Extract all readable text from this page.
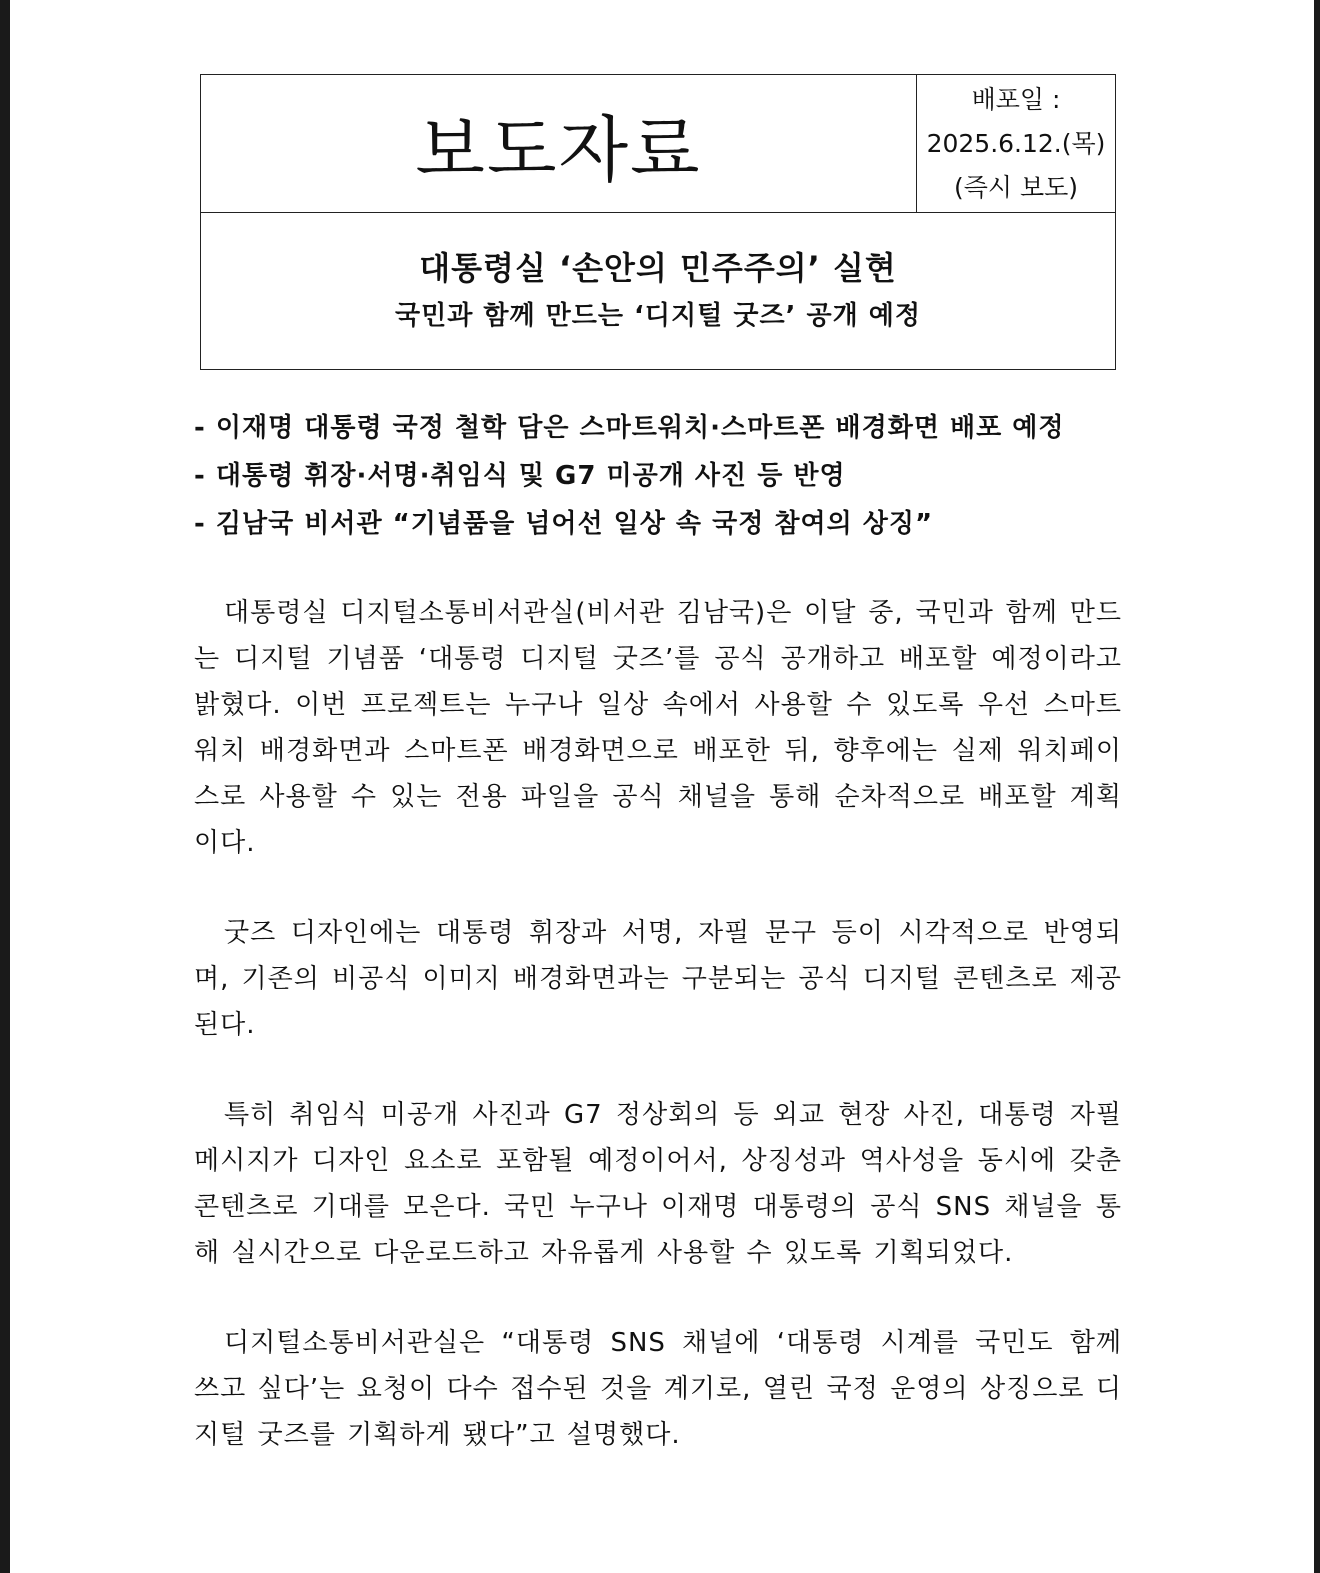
보도자료
배포일 :
2025.6.12.(목)
(즉시 보도)

대통령실 ‘손안의 민주주의’ 실현

국민과 함께 만드는 ‘디지털 굿즈’ 공개 예정

- 이재명 대통령 국정 철학 담은 스마트워치·스마트폰 배경화면 배포 예정
- 대통령 휘장·서명·취임식 및 G7 미공개 사진 등 반영
- 김남국 비서관 “기념품을 넘어선 일상 속 국정 참여의 상징”

대통령실 디지털소통비서관실(비서관 김남국)은 이달 중, 국민과 함께 만드는 디지털 기념품 ‘대통령 디지털 굿즈’를 공식 공개하고 배포할 예정이라고 밝혔다. 이번 프로젝트는 누구나 일상 속에서 사용할 수 있도록 우선 스마트워치 배경화면과 스마트폰 배경화면으로 배포한 뒤, 향후에는 실제 워치페이스로 사용할 수 있는 전용 파일을 공식 채널을 통해 순차적으로 배포할 계획이다.

굿즈 디자인에는 대통령 휘장과 서명, 자필 문구 등이 시각적으로 반영되며, 기존의 비공식 이미지 배경화면과는 구분되는 공식 디지털 콘텐츠로 제공된다.

특히 취임식 미공개 사진과 G7 정상회의 등 외교 현장 사진, 대통령 자필 메시지가 디자인 요소로 포함될 예정이어서, 상징성과 역사성을 동시에 갖춘 콘텐츠로 기대를 모은다. 국민 누구나 이재명 대통령의 공식 SNS 채널을 통해 실시간으로 다운로드하고 자유롭게 사용할 수 있도록 기획되었다.

디지털소통비서관실은 “대통령 SNS 채널에 ‘대통령 시계를 국민도 함께 쓰고 싶다’는 요청이 다수 접수된 것을 계기로, 열린 국정 운영의 상징으로 디지털 굿즈를 기획하게 됐다”고 설명했다.
